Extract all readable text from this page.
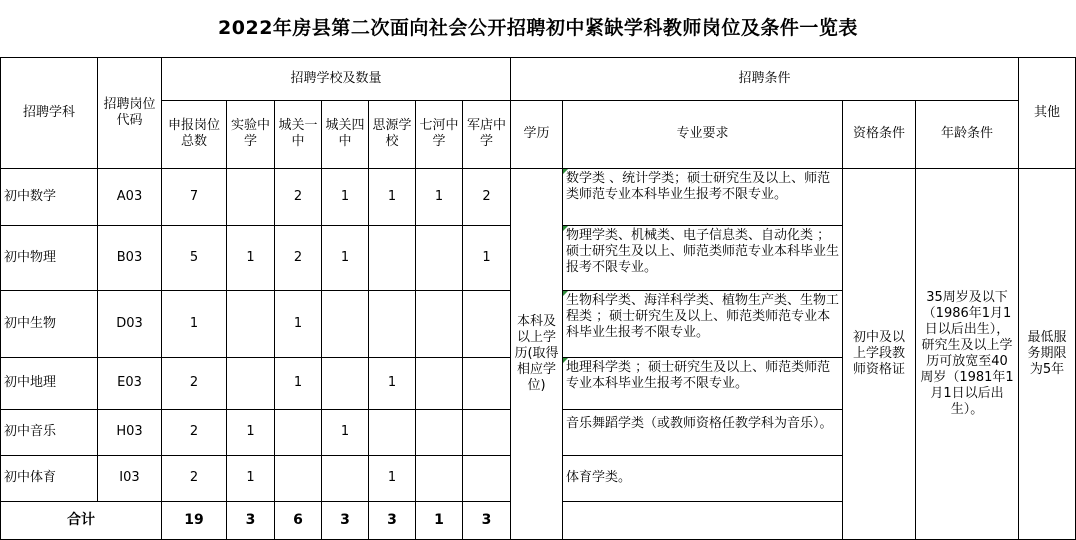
2022年房县第二次面向社会公开招聘初中紧缺学科教师岗位及条件一览表													
招聘学科	招聘岗位代码	招聘学校及数量							招聘条件				其他
		申报岗位总数	实验中学	城关一中	城关四中	思源学校	七河中学	军店中学	学历	专业要求	资格条件	年龄条件	
初中数学	A03	7		2	1	1	1	2	本科及以上学历(取得相应学位)	数学类 、统计学类；硕士研究生及以上、师范类师范专业本科毕业生报考不限专业。	初中及以上学段教师资格证	35周岁及以下（1986年1月1日以后出生），研究生及以上学历可放宽至40周岁（1981年1月1日以后出生）。	最低服务期限为5年
初中物理	B03	5	1	2	1			1		物理学类、机械类、电子信息类、自动化类 ；硕士研究生及以上、师范类师范专业本科毕业生报考不限专业。			
初中生物	D03	1		1						生物科学类、海洋科学类、植物生产类、生物工程类 ；硕士研究生及以上、师范类师范专业本科毕业生报考不限专业。			
初中地理	E03	2		1		1				地理科学类 ；硕士研究生及以上、师范类师范专业本科毕业生报考不限专业。			
初中音乐	H03	2	1		1					音乐舞蹈学类（或教师资格任教学科为音乐）。			
初中体育	I03	2	1			1				体育学类。			
合计		19	3	6	3	3	1	3					
